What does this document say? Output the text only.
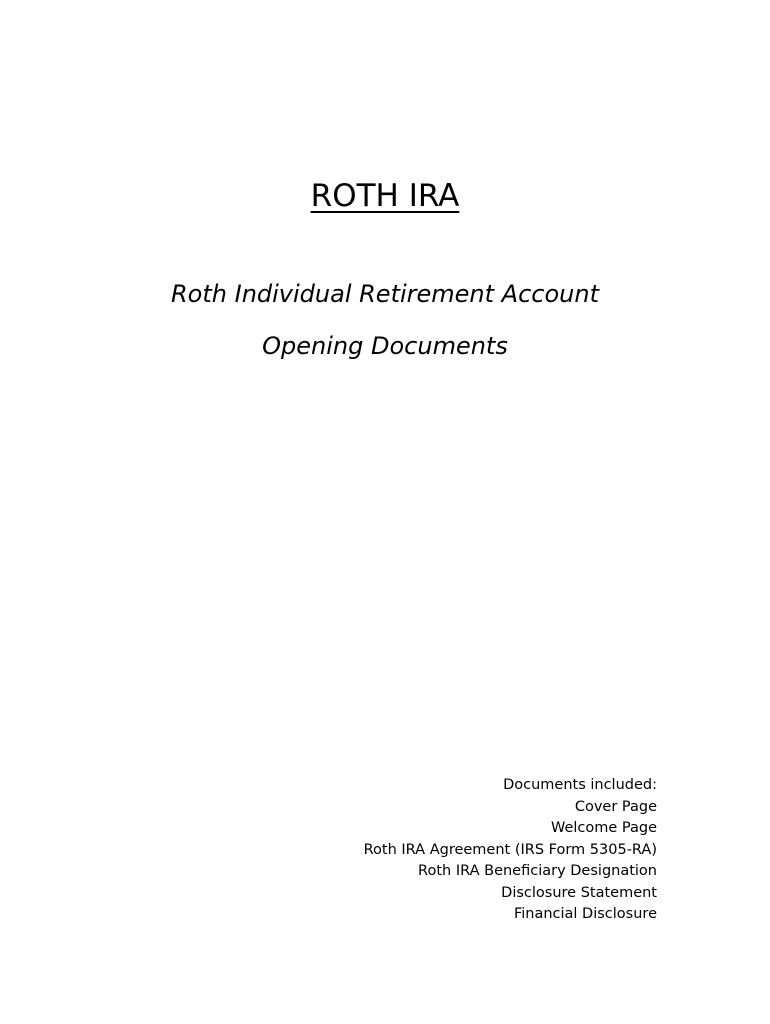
ROTH IRA

Roth Individual Retirement Account

Opening Documents

Documents included:
Cover Page
Welcome Page
Roth IRA Agreement (IRS Form 5305-RA)
Roth IRA Beneficiary Designation
Disclosure Statement
Financial Disclosure
